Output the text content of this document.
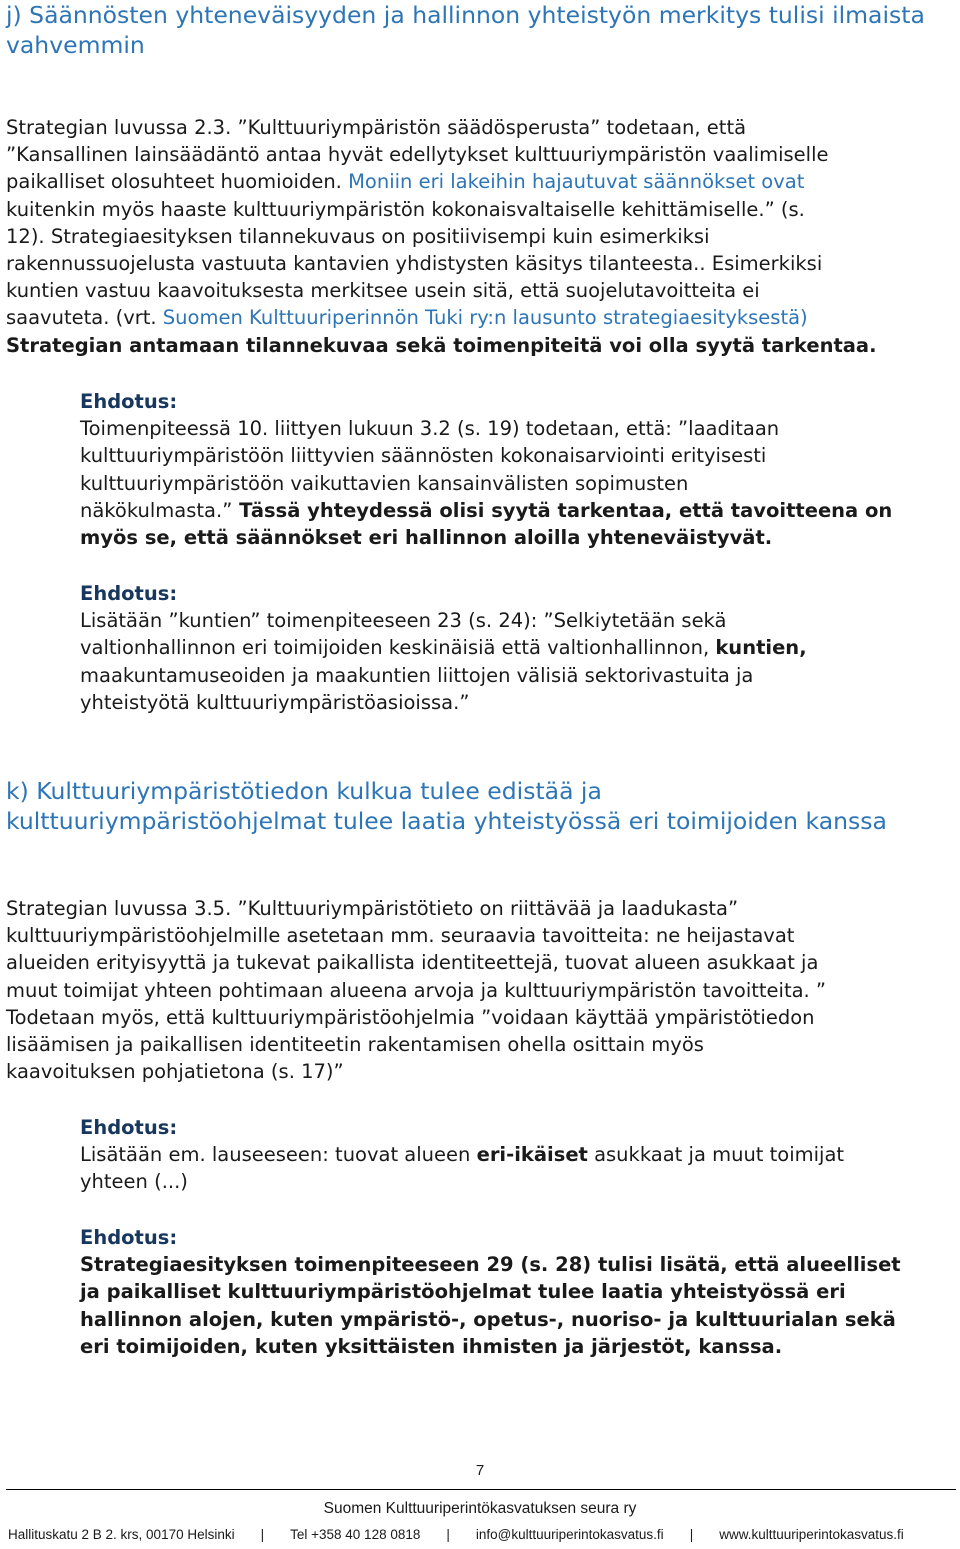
j) Säännösten yhteneväisyyden ja hallinnon yhteistyön merkitys tulisi ilmaista

vahvemmin

Strategian luvussa 2.3. ”Kulttuuriympäristön säädösperusta” todetaan, että

”Kansallinen lainsäädäntö antaa hyvät edellytykset kulttuuriympäristön vaalimiselle

paikalliset olosuhteet huomioiden. Moniin eri lakeihin hajautuvat säännökset ovat

kuitenkin myös haaste kulttuuriympäristön kokonaisvaltaiselle kehittämiselle.” (s.

12). Strategiaesityksen tilannekuvaus on positiivisempi kuin esimerkiksi

rakennussuojelusta vastuuta kantavien yhdistysten käsitys tilanteesta.. Esimerkiksi

kuntien vastuu kaavoituksesta merkitsee usein sitä, että suojelutavoitteita ei

saavuteta. (vrt. Suomen Kulttuuriperinnön Tuki ry:n lausunto strategiaesityksestä)

Strategian antamaan tilannekuvaa sekä toimenpiteitä voi olla syytä tarkentaa.

Ehdotus:

Toimenpiteessä 10. liittyen lukuun 3.2 (s. 19) todetaan, että: ”laaditaan

kulttuuriympäristöön liittyvien säännösten kokonaisarviointi erityisesti

kulttuuriympäristöön vaikuttavien kansainvälisten sopimusten

näkökulmasta.” Tässä yhteydessä olisi syytä tarkentaa, että tavoitteena on

myös se, että säännökset eri hallinnon aloilla yhteneväistyvät.

Ehdotus:

Lisätään ”kuntien” toimenpiteeseen 23 (s. 24): ”Selkiytetään sekä

valtionhallinnon eri toimijoiden keskinäisiä että valtionhallinnon, kuntien,

maakuntamuseoiden ja maakuntien liittojen välisiä sektorivastuita ja

yhteistyötä kulttuuriympäristöasioissa.”

k) Kulttuuriympäristötiedon kulkua tulee edistää ja

kulttuuriympäristöohjelmat tulee laatia yhteistyössä eri toimijoiden kanssa

Strategian luvussa 3.5. ”Kulttuuriympäristötieto on riittävää ja laadukasta”

kulttuuriympäristöohjelmille asetetaan mm. seuraavia tavoitteita: ne heijastavat

alueiden erityisyyttä ja tukevat paikallista identiteettejä, tuovat alueen asukkaat ja

muut toimijat yhteen pohtimaan alueena arvoja ja kulttuuriympäristön tavoitteita. ”

Todetaan myös, että kulttuuriympäristöohjelmia ”voidaan käyttää ympäristötiedon

lisäämisen ja paikallisen identiteetin rakentamisen ohella osittain myös

kaavoituksen pohjatietona (s. 17)”

Ehdotus:

Lisätään em. lauseeseen: tuovat alueen eri-ikäiset asukkaat ja muut toimijat

yhteen (...)

Ehdotus:

Strategiaesityksen toimenpiteeseen 29 (s. 28) tulisi lisätä, että alueelliset

ja paikalliset kulttuuriympäristöohjelmat tulee laatia yhteistyössä eri

hallinnon alojen, kuten ympäristö-, opetus-, nuoriso- ja kulttuurialan sekä

eri toimijoiden, kuten yksittäisten ihmisten ja järjestöt, kanssa.

7
Suomen Kulttuuriperintökasvatuksen seura ry
Hallituskatu 2 B 2. krs, 00170 Helsinki | Tel +358 40 128 0818 | info@kulttuuriperintokasvatus.fi | www.kulttuuriperintokasvatus.fi
